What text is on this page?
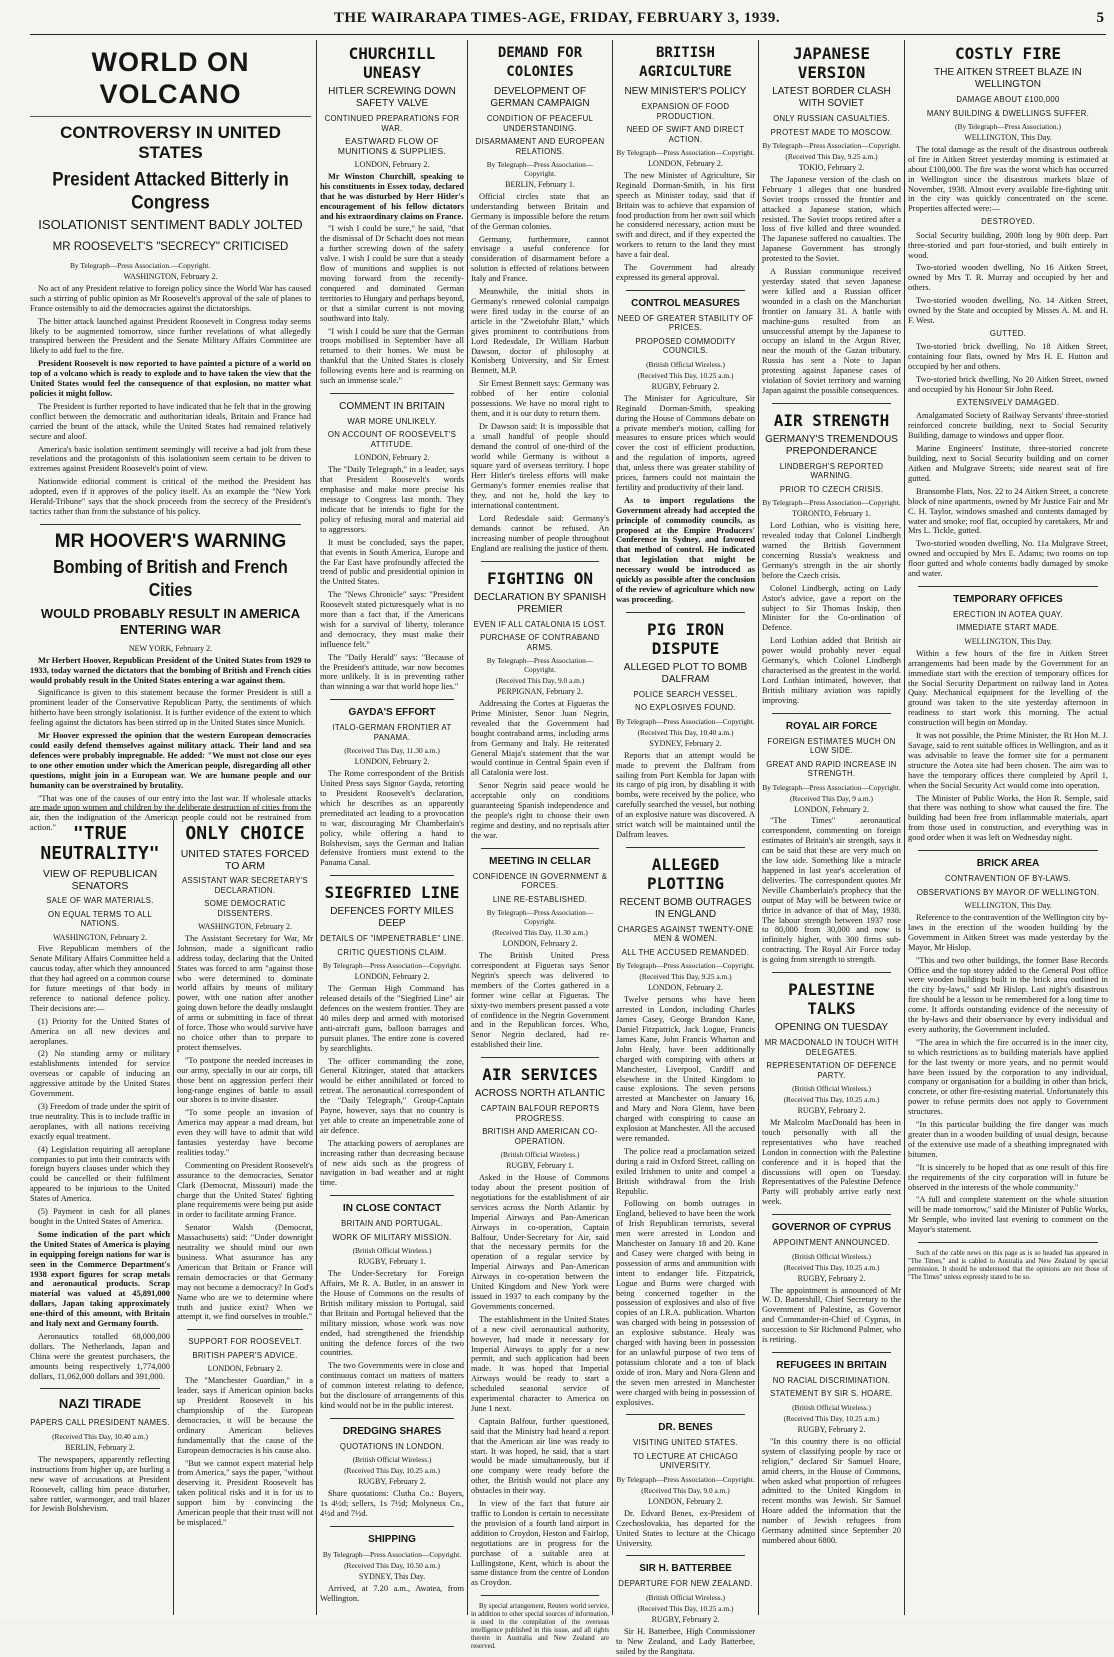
THE WAIRARAPA TIMES-AGE, FRIDAY, FEBRUARY 3, 1939.	5
WORLD ON VOLCANO
CONTROVERSY IN UNITED STATES
President Attacked Bitterly in Congress
ISOLATIONIST SENTIMENT BADLY JOLTED
MR ROOSEVELT'S "SECRECY" CRITICISED
By Telegraph—Press Association.—Copyright.
WASHINGTON, February 2.

No act of any President relative to foreign policy since the World War has caused such a stirring of public opinion as Mr Roosevelt's approval of the sale of planes to France ostensibly to aid the democracies against the dictatorships.

The bitter attack launched against President Roosevelt in Congress today seems likely to be augmented tomorrow, since further revelations of what allegedly transpired between the President and the Senate Military Affairs Committee are likely to add fuel to the fire.

President Roosevelt is now reported to have painted a picture of a world on top of a volcano which is ready to explode and to have taken the view that the United States would feel the consequence of that explosion, no matter what policies it might follow.

The President is further reported to have indicated that he felt that in the growing conflict between the democratic and authoritarian ideals, Britain and France had carried the brunt of the attack, while the United States had remained relatively secure and aloof.

America's basic isolation sentiment seemingly will receive a bad jolt from these revelations and the protagonists of this isolationism seem certain to be driven to extremes against President Roosevelt's point of view.

Nationwide editorial comment is critical of the method the President has adopted, even if it approves of the policy itself. As an example the "New York Herald-Tribune" says that the shock proceeds from the secrecy of the President's tactics rather than from the substance of his policy.

MR HOOVER'S WARNING
Bombing of British and French Cities
WOULD PROBABLY RESULT IN AMERICA ENTERING WAR
NEW YORK, February 2.

Mr Herbert Hoover, Republican President of the United States from 1929 to 1933, today warned the dictators that the bombing of British and French cities would probably result in the United States entering a war against them.

Significance is given to this statement because the former President is still a prominent leader of the Conservative Republican Party, the sentiments of which hitherto have been strongly isolationist. It is further evidence of the extent to which feeling against the dictators has been stirred up in the United States since Munich.

Mr Hoover expressed the opinion that the western European democracies could easily defend themselves against military attack. Their land and sea defences were probably impregnable. He added: "We must not close our eyes to one other emotion under which the American people, disregarding all other questions, might join in a European war. We are humane people and our humanity can be overstrained by brutality.

"That was one of the causes of our entry into the last war. If wholesale attacks are made upon women and children by the deliberate destruction of cities from the air, then the indignation of the American people could not be restrained from action." "TRUE NEUTRALITY"
VIEW OF REPUBLICAN SENATORS
SALE OF WAR MATERIALS.
ON EQUAL TERMS TO ALL NATIONS.
WASHINGTON, February 2.

Five Republican members of the Senate Military Affairs Committee held a caucus today, after which they announced that they had agreed on a common course for future meetings of that body in reference to national defence policy. Their decisions are:—

(1) Priority for the United States of America on all new devices and aeroplanes.

(2) No standing army or military establishments intended for service overseas or capable of inducing an aggressive attitude by the United States Government.

(3) Freedom of trade under the spirit of true neutrality. This is to include traffic in aeroplanes, with all nations receiving exactly equal treatment.

(4) Legislation requiring all aeroplane companies to put into their contracts with foreign buyers clauses under which they could be cancelled or their fulfilment appeared to be injurious to the United States of America.

(5) Payment in cash for all planes bought in the United States of America.

Some indication of the part which the United States of America is playing in equipping foreign nations for war is seen in the Commerce Department's 1938 export figures for scrap metals and aeronautical products. Scrap material was valued at 45,891,000 dollars, Japan taking approximately one-third of this amount, with Britain and Italy next and Germany fourth.

Aeronautics totalled 68,000,000 dollars. The Netherlands, Japan and China were the greatest purchasers, the amounts being respectively 1,774,000 dollars, 11,062,000 dollars and 391,000.

NAZI TIRADE
PAPERS CALL PRESIDENT NAMES.
(Received This Day, 10.40 a.m.)
BERLIN, February 2.

The newspapers, apparently reflecting instructions from higher up, are hurling a new wave of accusations at President Roosevelt, calling him peace disturber, sabre rattler, warmonger, and trail blazer for Jewish Bolshevism.

ONLY CHOICE
UNITED STATES FORCED TO ARM
ASSISTANT WAR SECRETARY'S DECLARATION.
SOME DEMOCRATIC DISSENTERS.
WASHINGTON, February 2.

The Assistant Secretary for War, Mr Johnson, made a significant radio address today, declaring that the United States was forced to arm "against those who were determined to dominate world affairs by means of military power, with one nation after another going down before the deadly onslaught of arms or submitting in face of threat of force. Those who would survive have no choice other than to prepare to protect themselves.

"To postpone the needed increases in our army, specially in our air corps, till those bent on aggression perfect their long-range engines of battle to assail our shores is to invite disaster.

"To some people an invasion of America may appear a mad dream, but even they will have to admit that wild fantasies yesterday have become realities today."

Commenting on President Roosevelt's assurance to the democracies, Senator Clark (Democrat, Missouri) made the charge that the United States' fighting plane requirements were being put aside in order to facilitate arming France.

Senator Walsh (Democrat, Massachusetts) said: "Under downright neutrality we should mind our own business. What assurance has any American that Britain or France will remain democracies or that Germany may not become a democracy? In God's Name who are we to determine where truth and justice exist? When we attempt it, we find ourselves in trouble."

SUPPORT FOR ROOSEVELT.
BRITISH PAPER'S ADVICE.
LONDON, February 2.

The "Manchester Guardian," in a leader, says if American opinion backs up President Roosevelt in his championship of the European democracies, it will be because the ordinary American believes fundamentally that the cause of the European democracies is his cause also.

"But we cannot expect material help from America," says the paper, "without deserving it. President Roosevelt has taken political risks and it is for us to support him by convincing the American people that their trust will not be misplaced."

CHURCHILL UNEASY
HITLER SCREWING DOWN SAFETY VALVE
CONTINUED PREPARATIONS FOR WAR.
EASTWARD FLOW OF MUNITIONS & SUPPLIES.
LONDON, February 2.

Mr Winston Churchill, speaking to his constituents in Essex today, declared that he was disturbed by Herr Hitler's encouragement of his fellow dictators and his extraordinary claims on France.

"I wish I could be sure," he said, "that the dismissal of Dr Schacht does not mean a further screwing down of the safety valve. I wish I could be sure that a steady flow of munitions and supplies is not moving forward from the recently-conquered and dominated German territories to Hungary and perhaps beyond, or that a similar current is not moving southward into Italy.

"I wish I could be sure that the German troops mobilised in September have all returned to their homes. We must be thankful that the United States is closely following events here and is rearming on such an immense scale."

COMMENT IN BRITAIN
WAR MORE UNLIKELY.
ON ACCOUNT OF ROOSEVELT'S ATTITUDE.
LONDON, February 2.

The "Daily Telegraph," in a leader, says that President Roosevelt's words emphasise and make more precise his message to Congress last month. They indicate that he intends to fight for the policy of refusing moral and material aid to aggressors.

It must be concluded, says the paper, that events in South America, Europe and the Far East have profoundly affected the trend of public and presidential opinion in the United States.

The "News Chronicle" says: "President Roosevelt stated picturesquely what is no more than a fact that, if the Americans wish for a survival of liberty, tolerance and democracy, they must make their influence felt."

The "Daily Herald" says: "Because of the President's attitude, war now becomes more unlikely. It is in preventing rather than winning a war that world hope lies."

GAYDA'S EFFORT
ITALO-GERMAN FRONTIER AT PANAMA.
(Received This Day, 11.30 a.m.)
LONDON, February 2.

The Rome correspondent of the British United Press says Signor Gayda, retorting to President Roosevelt's declaration, which he describes as an apparently premeditated act leading to a provocation to war, discouraging Mr Chamberlain's policy, while offering a hand to Bolshevism, says the German and Italian defensive frontiers must extend to the Panama Canal.

SIEGFRIED LINE
DEFENCES FORTY MILES DEEP
DETAILS OF "IMPENETRABLE" LINE.
CRITIC QUESTIONS CLAIM.
By Telegraph—Press Association—Copyright.
LONDON, February 2.

The German High Command has released details of the "Siegfried Line" air defences on the western frontier. They are 40 miles deep and armed with motorised anti-aircraft guns, balloon barrages and pursuit planes. The entire zone is covered by searchlights.

The officer commanding the zone, General Kitzinger, stated that attackers would be either annihilated or forced to retreat. The aeronautical correspondent of the "Daily Telegraph," Group-Captain Payne, however, says that no country is yet able to create an impenetrable zone of air defence.

The attacking powers of aeroplanes are increasing rather than decreasing because of new aids such as the progress of navigation in bad weather and at night time.

IN CLOSE CONTACT
BRITAIN AND PORTUGAL.
WORK OF MILITARY MISSION.
(British Official Wireless.)
RUGBY, February 1.

The Under-Secretary for Foreign Affairs, Mr R. A. Butler, in an answer in the House of Commons on the results of British military mission to Portugal, said that Britain and Portugal believed that the military mission, whose work was now ended, had strengthened the friendship uniting the defence forces of the two countries.

The two Governments were in close and continuous contact on matters of matters of common interest relating to defence, but the disclosure of arrangements of this kind would not be in the public interest.

DREDGING SHARES
QUOTATIONS IN LONDON.
(British Official Wireless.)
(Received This Day, 10.25 a.m.)
RUGBY, February 2.

Share quotations: Clutha Co.: Buyers, 1s 4½d; sellers, 1s 7½d; Molyneux Co., 4½d and 7½d.

SHIPPING
By Telegraph—Press Association—Copyright.
(Received This Day, 10.50 a.m.)
SYDNEY, This Day.

Arrived, at 7.20 a.m., Awatea, from Wellington.

DEMAND FOR COLONIES
DEVELOPMENT OF GERMAN CAMPAIGN
CONDITION OF PEACEFUL UNDERSTANDING.
DISARMAMENT AND EUROPEAN RELATIONS.
By Telegraph—Press Association—Copyright.
BERLIN, February 1.

Official circles state that an understanding between Britain and Germany is impossible before the return of the German colonies.

Germany, furthermore, cannot envisage a useful conference for consideration of disarmament before a solution is effected of relations between Italy and France.

Meanwhile, the initial shots in Germany's renewed colonial campaign were fired today in the course of an article in the "Zweiofuhr Blatt," which gives prominent to contributions from Lord Redesdale, Dr William Harbutt Dawson, doctor of philosophy at Konisberg University, and Sir Ernest Bennett, M.P.

Sir Ernest Bennett says: Germany was robbed of her entire colonial possessions. We have no moral right to them, and it is our duty to return them.

Dr Dawson said: It is impossible that a small handful of people should demand the control of one-third of the world while Germany is without a square yard of overseas territory. I hope Herr Hitler's tireless efforts will make Germany's former enemies realise that they, and not he, hold the key to international contentment.

Lord Redesdale said: Germany's demands cannot be refused. An increasing number of people throughout England are realising the justice of them.

FIGHTING ON
DECLARATION BY SPANISH PREMIER
EVEN IF ALL CATALONIA IS LOST.
PURCHASE OF CONTRABAND ARMS.
By Telegraph—Press Association—Copyright.
(Received This Day, 9.0 a.m.)
PERPIGNAN, February 2.

Addressing the Cortes at Figueras the Prime Minister, Senor Juan Negrin, revealed that the Government had bought contraband arms, including arms from Germany and Italy. He reiterated General Miaja's statement that the war would continue in Central Spain even if all Catalonia were lost.

Senor Negrin said peace would be acceptable only on conditions guaranteeing Spanish independence and the people's right to choose their own regime and destiny, and no reprisals after the war.

MEETING IN CELLAR
CONFIDENCE IN GOVERNMENT & FORCES.
LINE RE-ESTABLISHED.
By Telegraph—Press Association—Copyright.
(Received This Day, 11.30 a.m.)
LONDON, February 2.

The British United Press correspondent at Figueras says Senor Negrin's speech was delivered to members of the Cortes gathered in a former wine cellar at Figueras. The sixty-two members present passed a vote of confidence in the Negrin Government and in the Republican forces. Who, Senor Negrin declared, had re-established their line.

AIR SERVICES
ACROSS NORTH ATLANTIC
CAPTAIN BALFOUR REPORTS PROGRESS.
BRITISH AND AMERICAN CO-OPERATION.
(British Official Wireless.)
RUGBY, February 1.

Asked in the House of Commons today about the present position of negotiations for the establishment of air services across the North Atlantic by Imperial Airways and Pan-American Airways in co-operation, Captain Balfour, Under-Secretary for Air, said that the necessary permits for the operation of a regular service by Imperial Airways and Pan-American Airways in co-operation between the United Kingdom and New York were issued in 1937 to each company by the Governments concerned.

The establishment in the United States of a new civil aeronautical authority, however, had made it necessary for Imperial Airways to apply for a new permit, and such application had been made. It was hoped that Imperial Airways would be ready to start a scheduled seasonal service of experimental character to America on June 1 next.

Captain Balfour, further questioned, said that the Ministry had heard a report that the American air line was ready to start. It was hoped, he said, that a start would be made simultaneously, but if one company were ready before the other, the British would not place any obstacles in their way.

In view of the fact that future air traffic to London is certain to necessitate the provision of a fourth land airport in addition to Croydon, Heston and Fairlop, negotiations are in progress for the purchase of a suitable area at Lullingstone, Kent, which is about the same distance from the centre of London as Croydon.

By special arrangement, Reuters world service, in addition to other special sources of information, is used in the compilation of the overseas intelligence published in this issue, and all rights therein in Australia and New Zealand are reserved.

BRITISH AGRICULTURE
NEW MINISTER'S POLICY
EXPANSION OF FOOD PRODUCTION.
NEED OF SWIFT AND DIRECT ACTION.
By Telegraph—Press Association—Copyright.
LONDON, February 2.

The new Minister of Agriculture, Sir Reginald Dorman-Smith, in his first speech as Minister today, said that if Britain was to achieve that expansion of food production from her own soil which he considered necessary, action must be swift and direct, and if they expected the workers to return to the land they must have a fair deal.

The Government had already expressed its general approval.

CONTROL MEASURES
NEED OF GREATER STABILITY OF PRICES.
PROPOSED COMMODITY COUNCILS.
(British Official Wireless.)
(Received This Day, 10.25 a.m.)
RUGBY, February 2.

The Minister for Agriculture, Sir Reginald Dorman-Smith, speaking during the House of Commons debate on a private member's motion, calling for measures to ensure prices which would cover the cost of efficient production, and the regulation of imports, agreed that, unless there was greater stability of prices, farmers could not maintain the fertility and productivity of their land.

As to import regulations the Government already had accepted the principle of commodity councils, as proposed at the Empire Producers' Conference in Sydney, and favoured that method of control. He indicated that legislation that might be necessary would be introduced as quickly as possible after the conclusion of the review of agriculture which now was proceeding.

PIG IRON DISPUTE
ALLEGED PLOT TO BOMB DALFRAM
POLICE SEARCH VESSEL.
NO EXPLOSIVES FOUND.
By Telegraph—Press Association—Copyright.
(Received This Day, 10.40 a.m.)
SYDNEY, February 2.

Reports that an attempt would be made to prevent the Dalfram from sailing from Port Kembla for Japan with its cargo of pig iron, by disabling it with bombs, were received by the police, who carefully searched the vessel, but nothing of an explosive nature was discovered. A strict watch will be maintained until the Dalfram leaves.

ALLEGED PLOTTING
RECENT BOMB OUTRAGES IN ENGLAND
CHARGES AGAINST TWENTY-ONE MEN & WOMEN.
ALL THE ACCUSED REMANDED.
By Telegraph—Press Association—Copyright.
(Received This Day, 9.25 a.m.)
LONDON, February 2.

Twelve persons who have been arrested in London, including Charles James Casey, George Brandon Kane, Daniel Fitzpatrick, Jack Logue, Francis James Kane, John Francis Wharton and John Healy, have been additionally charged with conspiring with others at Manchester, Liverpool, Cardiff and elsewhere in the United Kingdom to cause explosions. The seven persons arrested at Manchester on January 16, and Mary and Nora Glenn, have been charged with conspiring to cause an explosion at Manchester. All the accused were remanded.

The police read a proclamation seized during a raid in Oxford Street, calling on exiled Irishmen to unite and compel a British withdrawal from the Irish Republic.

Following on bomb outrages in England, believed to have been the work of Irish Republican terrorists, several men were arrested in London and Manchester on January 18 and 20. Kane and Casey were charged with being in possession of arms and ammunition with intent to endanger life. Fitzpatrick, Logue and Burns were charged with being concerned together in the possession of explosives and also of five copies of an I.R.A. publication. Wharton was charged with being in possession of an explosive substance. Healy was charged with having been in possession for an unlawful purpose of two tens of potassium chlorate and a ton of black oxide of iron. Mary and Nora Glenn and the seven men arrested in Manchester were charged with being in possession of explosives.

DR. BENES
VISITING UNITED STATES.
TO LECTURE AT CHICAGO UNIVERSITY.
By Telegraph—Press Association—Copyright.
(Received This Day, 9.0 a.m.)
LONDON, February 2.

Dr. Edvard Benes, ex-President of Czechoslovakia, has departed for the United States to lecture at the Chicago University.

SIR H. BATTERBEE
DEPARTURE FOR NEW ZEALAND.
(British Official Wireless.)
(Received This Day, 10.25 a.m.)
RUGBY, February 2.

Sir H. Batterbee, High Commissioner to New Zealand, and Lady Batterbee, sailed by the Rangitata.

JAPANESE VERSION
LATEST BORDER CLASH WITH SOVIET
ONLY RUSSIAN CASUALTIES.
PROTEST MADE TO MOSCOW.
By Telegraph—Press Association—Copyright.
(Received This Day, 9.25 a.m.)
TOKIO, February 2.

The Japanese version of the clash on February 1 alleges that one hundred Soviet troops crossed the frontier and attacked a Japanese station, which resisted. The Soviet troops retired after a loss of five killed and three wounded. The Japanese suffered no casualties. The Japanese Government has strongly protested to the Soviet.

A Russian communique received yesterday stated that seven Japanese were killed and a Russian officer wounded in a clash on the Manchurian frontier on January 31. A battle with machine-guns resulted from an unsuccessful attempt by the Japanese to occupy an island in the Argun River, near the mouth of the Gazan tributary. Russia has sent a Note to Japan protesting against Japanese cases of violation of Soviet territory and warning Japan against the possible consequences.

AIR STRENGTH
GERMANY'S TREMENDOUS PREPONDERANCE
LINDBERGH'S REPORTED WARNING.
PRIOR TO CZECH CRISIS.
By Telegraph—Press Association—Copyright.
TORONTO, February 1.

Lord Lothian, who is visiting here, revealed today that Colonel Lindbergh warned the British Government concerning Russia's weakness and Germany's strength in the air shortly before the Czech crisis.

Colonel Lindbergh, acting on Lady Astor's advice, gave a report on the subject to Sir Thomas Inskip, then Minister for the Co-ordination of Defence.

Lord Lothian added that British air power would probably never equal Germany's, which Colonel Lindbergh characterised as the greatest in the world. Lord Lothian intimated, however, that British military aviation was rapidly improving.

ROYAL AIR FORCE
FOREIGN ESTIMATES MUCH ON LOW SIDE.
GREAT AND RAPID INCREASE IN STRENGTH.
By Telegraph—Press Association—Copyright.
(Received This Day, 9 a.m.)
LONDON, February 2.

"The Times" aeronautical correspondent, commenting on foreign estimates of Britain's air strength, says it can be said that these are very much on the low side. Something like a miracle happened in last year's acceleration of deliveries. The correspondent quotes Mr Neville Chamberlain's prophecy that the output of May will be between twice or thrice in advance of that of May, 1938. The labour strength between 1937 rose to 80,000 from 30,000 and now is infinitely higher, with 300 firms sub-contracting. The Royal Air Force today is going from strength to strength.

PALESTINE TALKS
OPENING ON TUESDAY
MR MACDONALD IN TOUCH WITH DELEGATES.
REPRESENTATION OF DEFENCE PARTY.
(British Official Wireless.)
(Received This Day, 10.25 a.m.)
RUGBY, February 2.

Mr Malcolm MacDonald has been in touch personally with all the representatives who have reached London in connection with the Palestine conference and it is hoped that the discussions will open on Tuesday. Representatives of the Palestine Defence Party will probably arrive early next week.

GOVERNOR OF CYPRUS
APPOINTMENT ANNOUNCED.
(British Official Wireless.)
(Received This Day, 10.25 a.m.)
RUGBY, February 2.

The appointment is announced of Mr W. D. Battershill, Chief Secretary to the Government of Palestine, as Governor and Commander-in-Chief of Cyprus, in succession to Sir Richmond Palmer, who is retiring.

REFUGEES IN BRITAIN
NO RACIAL DISCRIMINATION.
STATEMENT BY SIR S. HOARE.
(British Official Wireless.)
(Received This Day, 10.25 a.m.)
RUGBY, February 2.

"In this country there is no official system of classifying people by race or religion," declared Sir Samuel Hoare, amid cheers, in the House of Commons, when asked what proportion of refugees admitted to the United Kingdom in recent months was Jewish. Sir Samuel Hoare added the information that the number of Jewish refugees from Germany admitted since September 20 numbered about 6800.

COSTLY FIRE
THE AITKEN STREET BLAZE IN WELLINGTON
DAMAGE ABOUT £100,000
MANY BUILDING & DWELLINGS SUFFER.
(By Telegraph—Press Association.)
WELLINGTON, This Day.

The total damage as the result of the disastrous outbreak of fire in Aitken Street yesterday morning is estimated at about £100,000. The fire was the worst which has occurred in Wellington since the disastrous markets blaze of November, 1938. Almost every available fire-fighting unit in the city was quickly concentrated on the scene. Properties affected were:—

DESTROYED.

Social Security building, 200ft long by 90ft deep. Part three-storied and part four-storied, and built entirely in wood.

Two-storied wooden dwelling, No 16 Aitken Street, owned by Mrs T. R. Murray and occupied by her and others.

Two-storied wooden dwelling, No. 14 Aitken Street, owned by the State and occupied by Misses A. M. and H. F. West.

GUTTED.

Two-storied brick dwelling, No 18 Aitken Street, containing four flats, owned by Mrs H. E. Hutton and occupied by her and others.

Two-storied brick dwelling, No 20 Aitken Street, owned and occupied by his Honour Sir John Reed.

EXTENSIVELY DAMAGED.

Amalgamated Society of Railway Servants' three-storied reinforced concrete building, next to Social Security Building, damage to windows and upper floor.

Marine Engineers' Institute, three-storied concrete building, next to Social Security building and on corner Aitken and Mulgrave Streets; side nearest seat of fire gutted.

Bransombe Flats, Nos. 22 to 24 Aitken Street, a concrete block of nine apartments, owned by Mr Justice Fair and Mr C. H. Taylor, windows smashed and contents damaged by water and smoke; roof flat, occupied by caretakers, Mr and Mrs L. Tickle, gutted.

Two-storied wooden dwelling, No. 11a Mulgrave Street, owned and occupied by Mrs E. Adams; two rooms on top floor gutted and whole contents badly damaged by smoke and water.

TEMPORARY OFFICES
ERECTION IN AOTEA QUAY.
IMMEDIATE START MADE.
WELLINGTON, This Day.

Within a few hours of the fire in Aitken Street arrangements had been made by the Government for an immediate start with the erection of temporary offices for the Social Security Department on railway land in Aotea Quay. Mechanical equipment for the levelling of the ground was taken to the site yesterday afternoon in readiness to start work this morning. The actual construction will begin on Monday.

It was not possible, the Prime Minister, the Rt Hon M. J. Savage, said to rent suitable offices in Wellington, and as it was advisable to leave the former site for a permanent structure the Aotea site had been chosen. The aim was to have the temporary offices there completed by April 1, when the Social Security Act would come into operation.

The Minister of Public Works, the Hon R. Semple, said that there was nothing to show what caused the fire. The building had been free from inflammable materials, apart from those used in construction, and everything was in good order when it was left on Wednesday night.

BRICK AREA
CONTRAVENTION OF BY-LAWS.
OBSERVATIONS BY MAYOR OF WELLINGTON.
WELLINGTON, This Day.

Reference to the contravention of the Wellington city by-laws in the erection of the wooden building by the Government in Aitken Street was made yesterday by the Mayor, Mr Hislop.

"This and two other buildings, the former Base Records Office and the top storey added to the General Post office were wooden buildings built in the brick area outlined in the city by-laws," said Mr Hislop. Last night's disastrous fire should be a lesson to be remembered for a long time to come. It affords outstanding evidence of the necessity of the by-laws and their observance by every individual and every authority, the Government included.

"The area in which the fire occurred is in the inner city, to which restrictions as to building materials have applied for the last twenty or more years, and no permit would have been issued by the corporation to any individual, company or organisation for a building in other than brick, concrete, or other fire-resisting material. Unfortunately this power to refuse permits does not apply to Government structures.

"In this particular building the fire danger was much greater than in a wooden building of usual design, because of the extensive use made of a sheathing impregnated with bitumen.

"It is sincerely to be hoped that as one result of this fire the requirements of the city corporation will in future be observed in the interests of the whole community."

"A full and complete statement on the whole situation will be made tomorrow," said the Minister of Public Works, Mr Semple, who invited last evening to comment on the Mayor's statement.

Such of the cable news on this page as is so headed has appeared in "The Times," and is cabled to Australia and New Zealand by special permission. It should be understood that the opinions are not those of "The Times" unless expressly stated to be so.
